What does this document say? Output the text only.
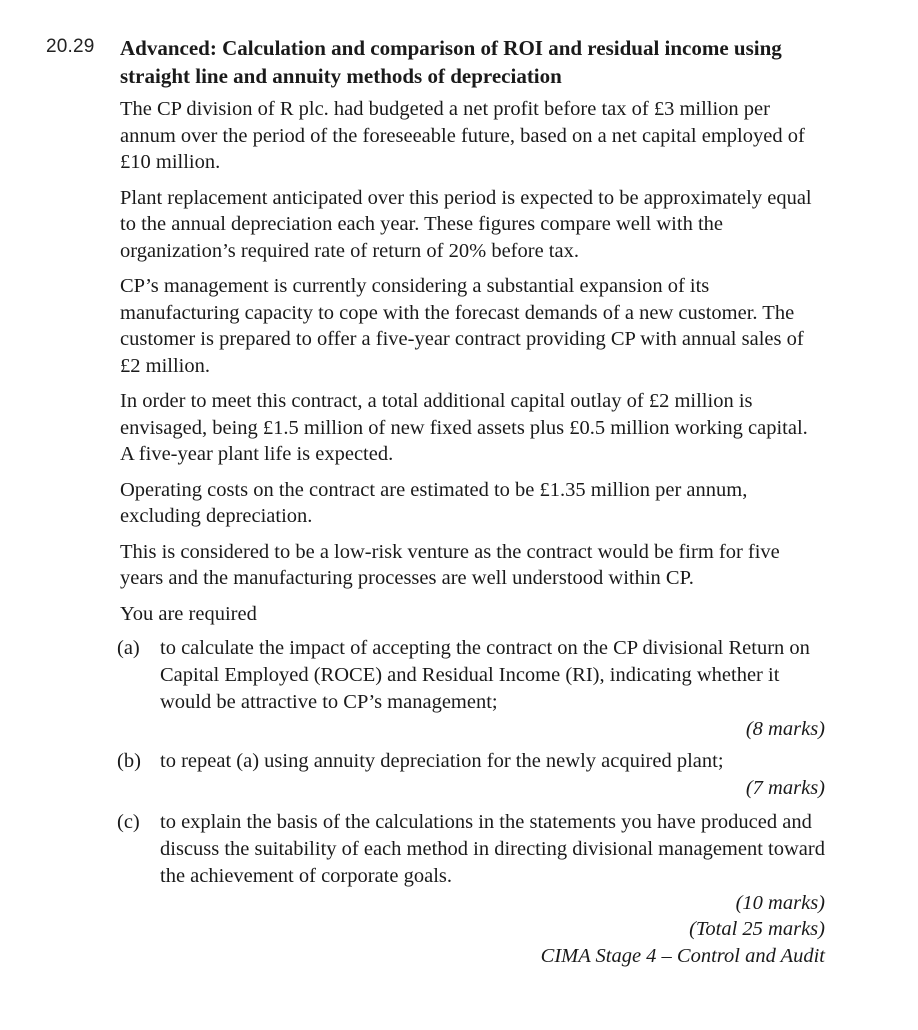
20.29 Advanced: Calculation and comparison of ROI and residual income using straight line and annuity methods of depreciation

The CP division of R plc. had budgeted a net profit before tax of £3 million per annum over the period of the foreseeable future, based on a net capital employed of £10 million.

Plant replacement anticipated over this period is expected to be approximately equal to the annual depreciation each year. These figures compare well with the organization’s required rate of return of 20% before tax.

CP’s management is currently considering a substantial expansion of its manufacturing capacity to cope with the forecast demands of a new customer. The customer is prepared to offer a five-year contract providing CP with annual sales of £2 million.

In order to meet this contract, a total additional capital outlay of £2 million is envisaged, being £1.5 million of new fixed assets plus £0.5 million working capital. A five-year plant life is expected.

Operating costs on the contract are estimated to be £1.35 million per annum, excluding depreciation.

This is considered to be a low-risk venture as the contract would be firm for five years and the manufacturing processes are well understood within CP.

You are required
(a) to calculate the impact of accepting the contract on the CP divisional Return on Capital Employed (ROCE) and Residual Income (RI), indicating whether it would be attractive to CP’s management;
(8 marks)
(b) to repeat (a) using annuity depreciation for the newly acquired plant;
(7 marks)
(c) to explain the basis of the calculations in the statements you have produced and discuss the suitability of each method in directing divisional management toward the achievement of corporate goals.
(10 marks)
(Total 25 marks)
CIMA Stage 4 – Control and Audit
